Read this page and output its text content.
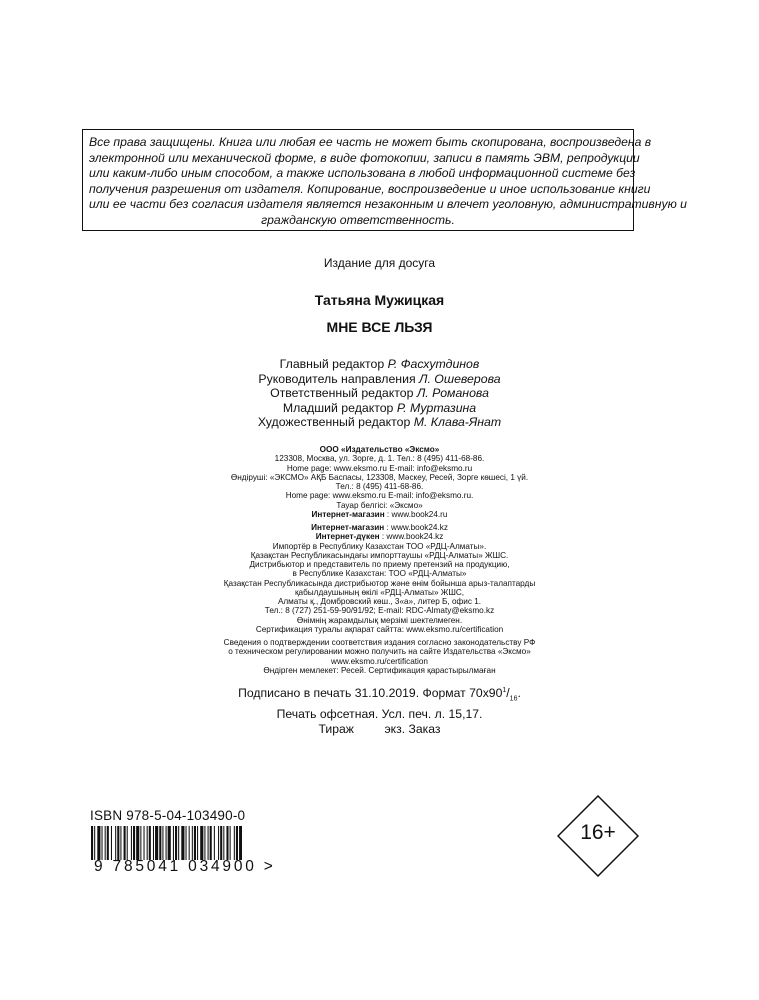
Все права защищены. Книга или любая ее часть не может быть скопирована, воспроизведена в
электронной или механической форме, в виде фотокопии, записи в память ЭВМ, репродукции
или каким-либо иным способом, а также использована в любой информационной системе без
получения разрешения от издателя. Копирование, воспроизведение и иное использование книги
или ее части без согласия издателя является незаконным и влечет уголовную, административную и
гражданскую ответственность.
Издание для досуга
Татьяна Мужицкая
МНЕ ВСЕ ЛЬЗЯ
Главный редактор Р. Фасхутдинов
Руководитель направления Л. Ошеверова
Ответственный редактор Л. Романова
Младший редактор Р. Муртазина
Художественный редактор М. Клава-Янат
ООО «Издательство «Эксмо»
123308, Москва, ул. Зорге, д. 1. Тел.: 8 (495) 411-68-86.
Home page: www.eksmo.ru E-mail: info@eksmo.ru
Өндіруші: «ЭКСМО» АҚБ Баспасы, 123308, Мәскеу, Ресей, Зорге көшесі, 1 үй.
Тел.: 8 (495) 411-68-86.
Home page: www.eksmo.ru E-mail: info@eksmo.ru.
Тауар белгісі: «Эксмо»
Интернет-магазин : www.book24.ru
Интернет-магазин : www.book24.kz
Интернет-дүкен : www.book24.kz
Импортёр в Республику Казахстан ТОО «РДЦ-Алматы».
Қазақстан Республикасындағы импорттаушы «РДЦ-Алматы» ЖШС.
Дистрибьютор и представитель по приему претензий на продукцию,
в Республике Казахстан: ТОО «РДЦ-Алматы»
Қазақстан Республикасында дистрибьютор және өнім бойынша арыз-талаптарды
қабылдаушының өкілі «РДЦ-Алматы» ЖШС,
Алматы қ., Домбровский көш., 3«а», литер Б, офис 1.
Тел.: 8 (727) 251-59-90/91/92; E-mail: RDC-Almaty@eksmo.kz
Өнімнің жарамдылық мерзімі шектелмеген.
Сертификация туралы ақпарат сайтта: www.eksmo.ru/certification
Сведения о подтверждении соответствия издания согласно законодательству РФ
о техническом регулировании можно получить на сайте Издательства «Эксмо»
www.eksmo.ru/certification
Өндірген мемлекет: Ресей. Сертификация қарастырылмаған
Подписано в печать 31.10.2019. Формат $70х90^1/_{16}$.
Печать офсетная. Усл. печ. л. 15,17.
Тираж экз. Заказ
ISBN 978-5-04-103490-0
9 785041 034900 >
16+
